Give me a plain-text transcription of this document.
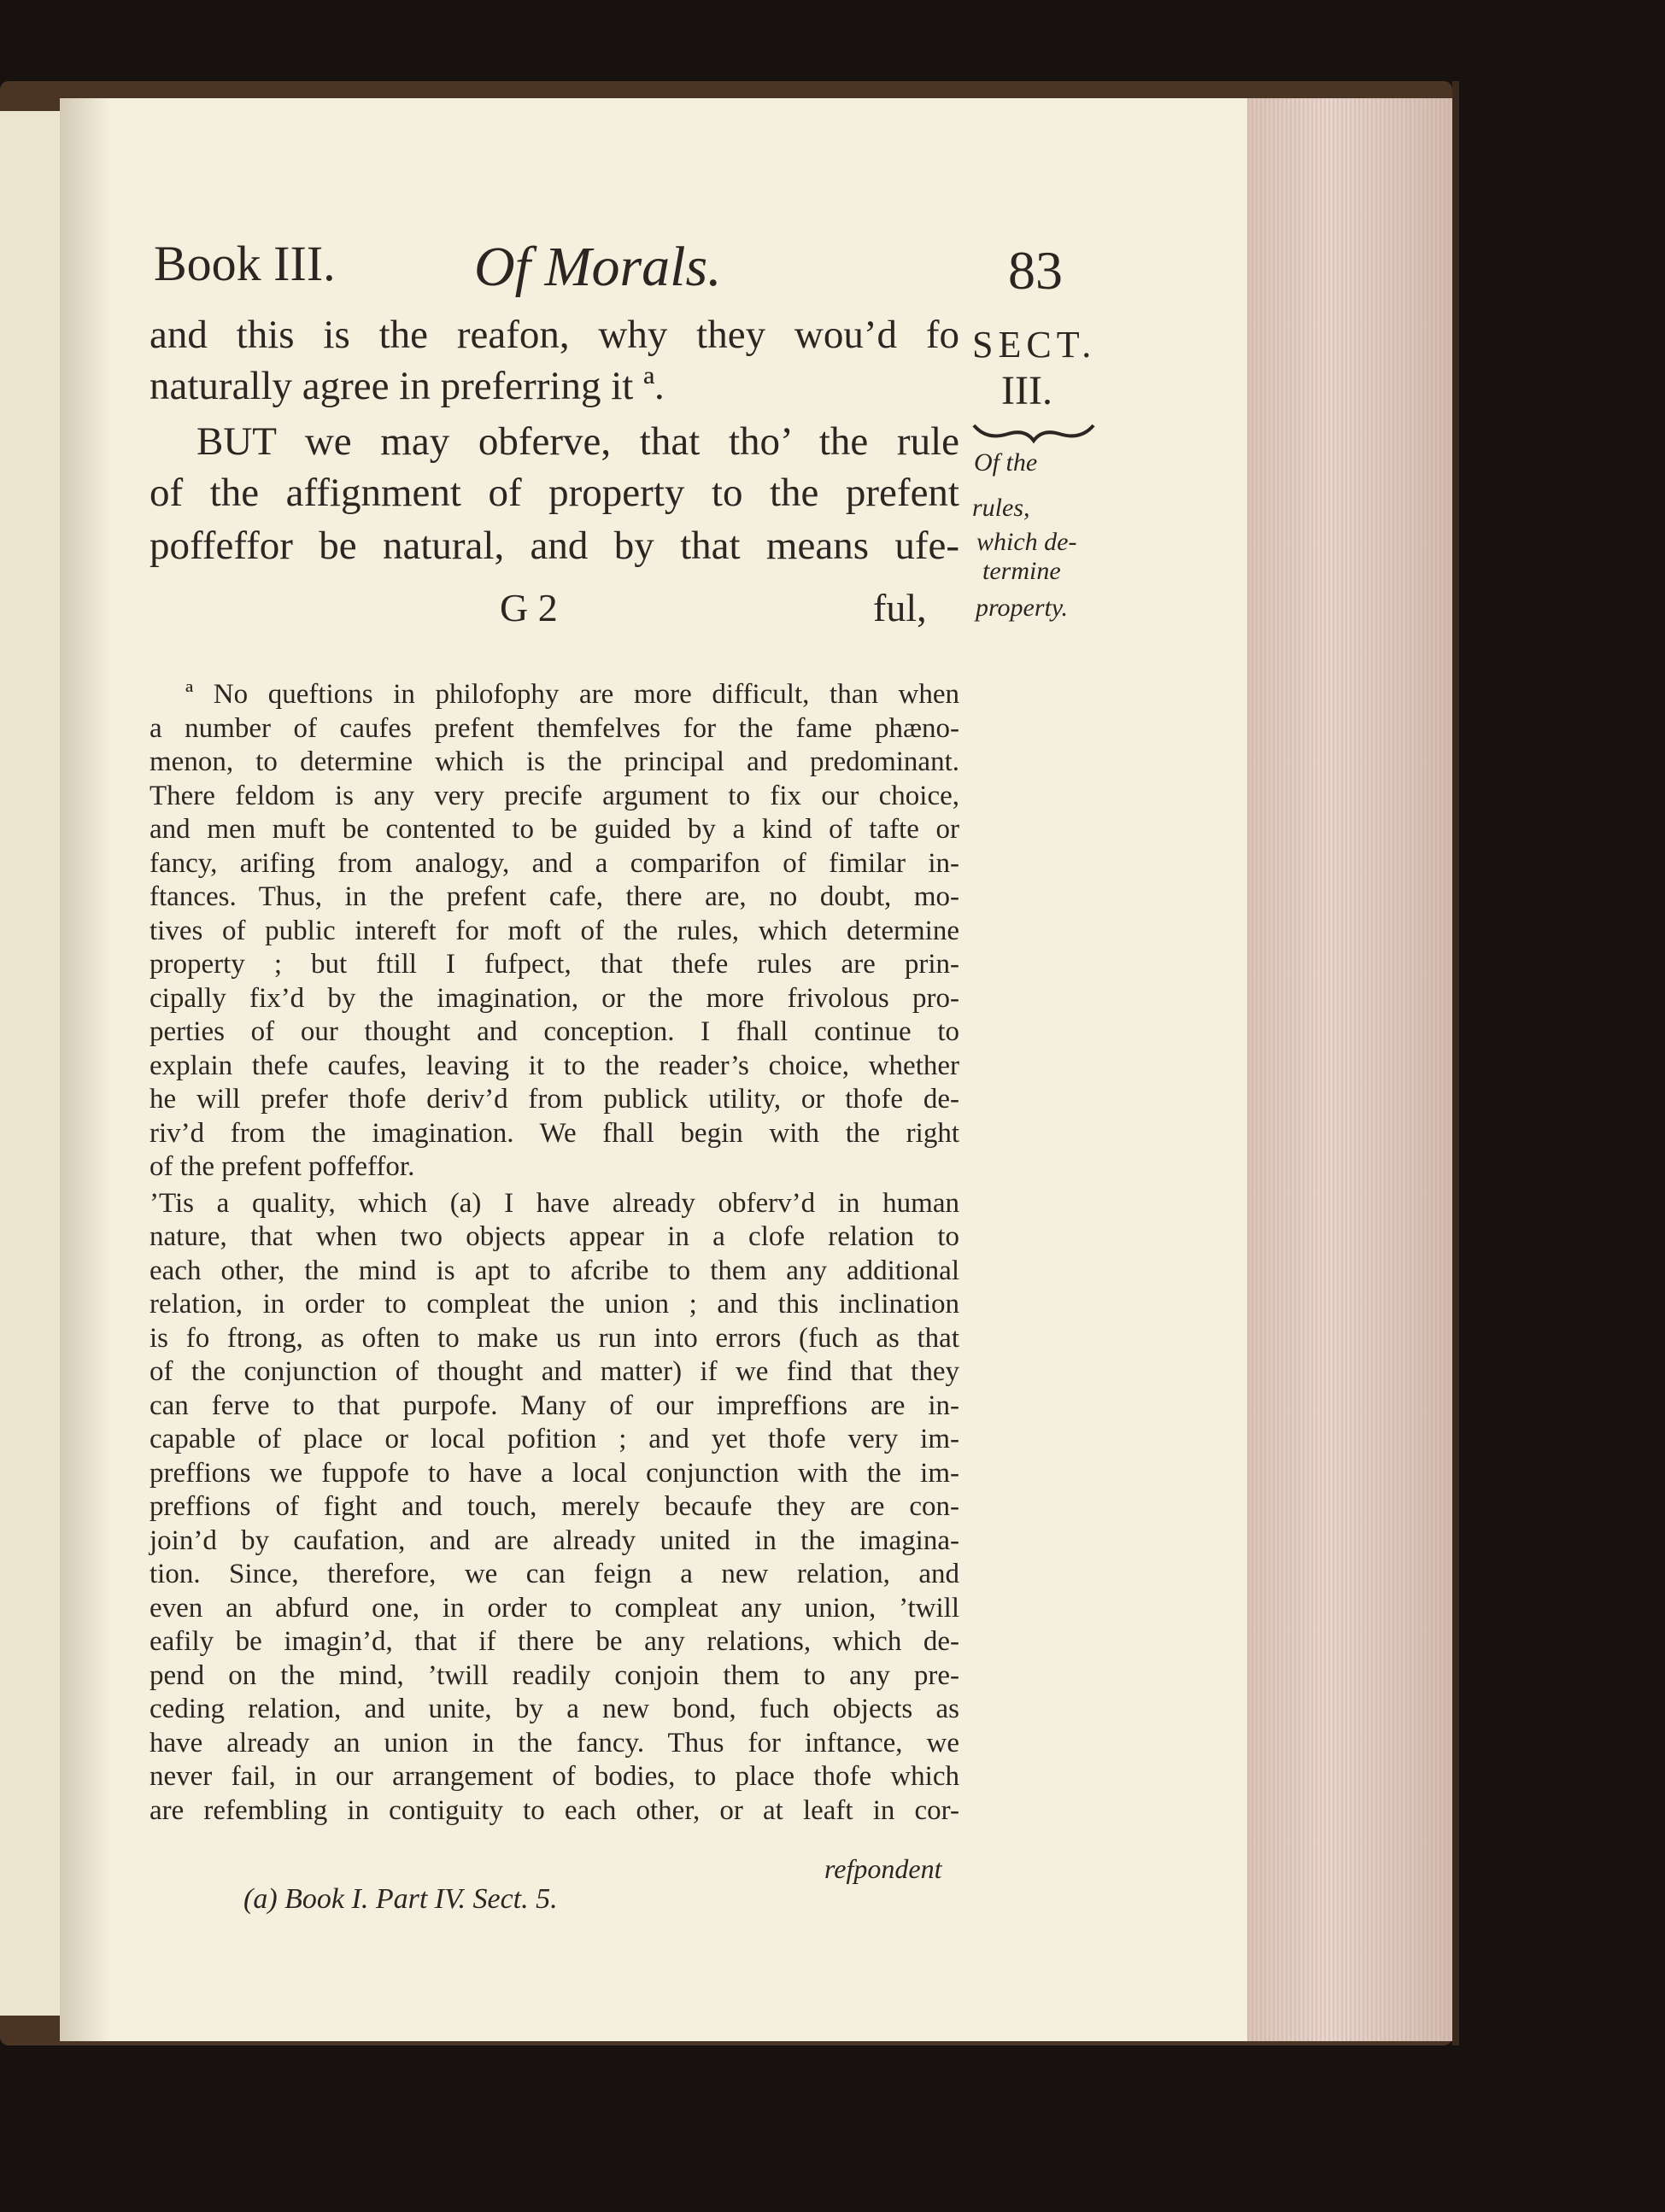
Book III. Of Morals.	83
and this is the reafon, why they wou’d fo
naturally agree in preferring it ª.
BUT we may obferve, that tho’ the rule
of the affignment of property to the prefent
poffeffor be natural, and by that means ufe-
SECT.
III.
Of the
rules,
which de-
termine
property.
G 2	ful,
ª No queftions in philofophy are more difficult, than when
a number of caufes prefent themfelves for the fame phæno-
menon, to determine which is the principal and predominant.
There feldom is any very precife argument to fix our choice,
and men muft be contented to be guided by a kind of tafte or
fancy, arifing from analogy, and a comparifon of fimilar in-
ftances. Thus, in the prefent cafe, there are, no doubt, mo-
tives of public intereft for moft of the rules, which determine
property ; but ftill I fufpect, that thefe rules are prin-
cipally fix’d by the imagination, or the more frivolous pro-
perties of our thought and conception. I fhall continue to
explain thefe caufes, leaving it to the reader’s choice, whether
he will prefer thofe deriv’d from publick utility, or thofe de-
riv’d from the imagination. We fhall begin with the right
of the prefent poffeffor.
’Tis a quality, which (a) I have already obferv’d in human
nature, that when two objects appear in a clofe relation to
each other, the mind is apt to afcribe to them any additional
relation, in order to compleat the union ; and this inclination
is fo ftrong, as often to make us run into errors (fuch as that
of the conjunction of thought and matter) if we find that they
can ferve to that purpofe. Many of our impreffions are in-
capable of place or local pofition ; and yet thofe very im-
preffions we fuppofe to have a local conjunction with the im-
preffions of fight and touch, merely becaufe they are con-
join’d by caufation, and are already united in the imagina-
tion. Since, therefore, we can feign a new relation, and
even an abfurd one, in order to compleat any union, ’twill
eafily be imagin’d, that if there be any relations, which de-
pend on the mind, ’twill readily conjoin them to any pre-
ceding relation, and unite, by a new bond, fuch objects as
have already an union in the fancy. Thus for inftance, we
never fail, in our arrangement of bodies, to place thofe which
are refembling in contiguity to each other, or at leaft in cor-
refpondent
(a) Book I. Part IV. Sect. 5.
